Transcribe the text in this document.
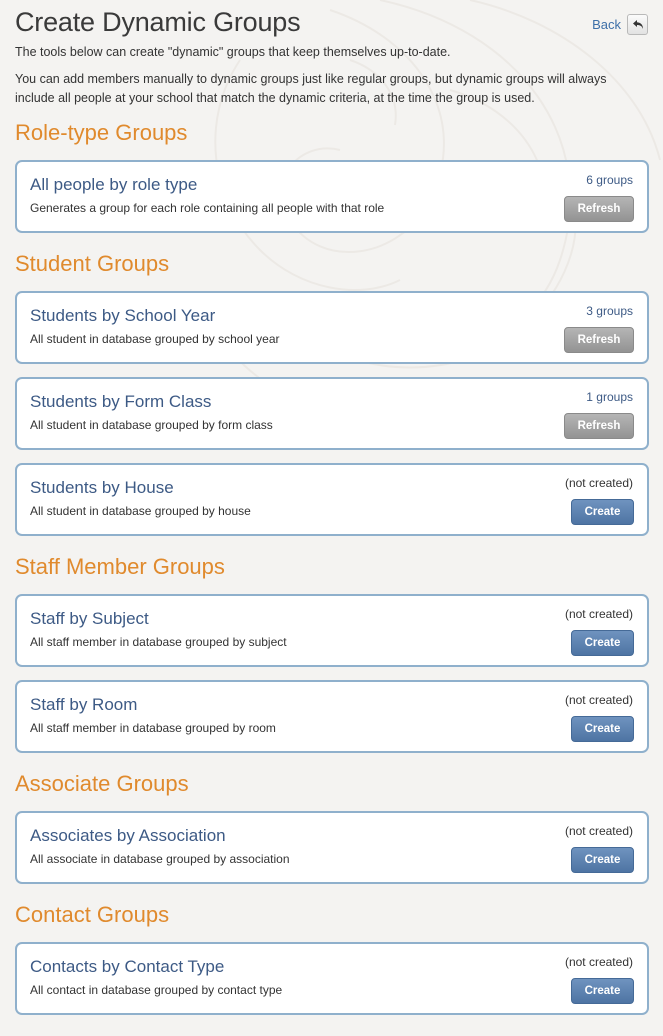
Create Dynamic Groups	Back
The tools below can create "dynamic" groups that keep themselves up-to-date.
You can add members manually to dynamic groups just like regular groups, but dynamic groups will always include all people at your school that match the dynamic criteria, at the time the group is used.
Role-type Groups
All people by role type
Generates a group for each role containing all people with that role
6 groups
Refresh
Student Groups
Students by School Year
All student in database grouped by school year
3 groups
Refresh
Students by Form Class
All student in database grouped by form class
1 groups
Refresh
Students by House
All student in database grouped by house
(not created)
Create
Staff Member Groups
Staff by Subject
All staff member in database grouped by subject
(not created)
Create
Staff by Room
All staff member in database grouped by room
(not created)
Create
Associate Groups
Associates by Association
All associate in database grouped by association
(not created)
Create
Contact Groups
Contacts by Contact Type
All contact in database grouped by contact type
(not created)
Create
